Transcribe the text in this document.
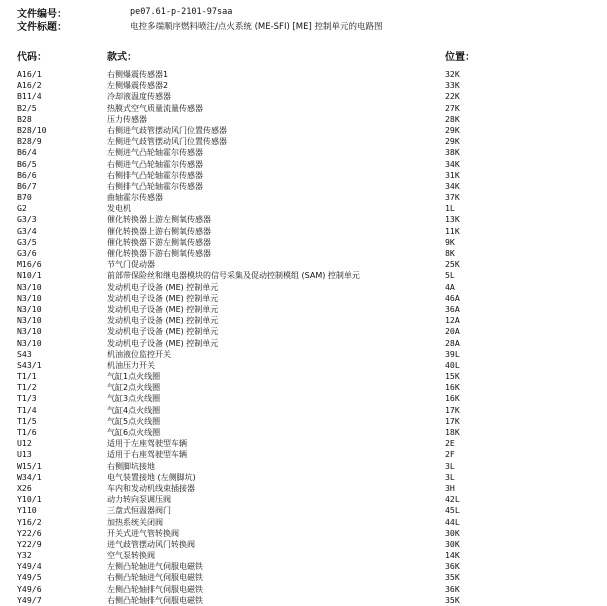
文件编号：	pe07.61-p-2101-97saa
文件标题：	电控多端顺序燃料喷注/点火系统 (ME-SFI) [ME] 控制单元的电路图
代码：	款式：	位置：
A16/1	右侧爆震传感器1	32K
A16/2	左侧爆震传感器2	33K
B11/4	冷却液温度传感器	22K
B2/5	热膜式空气质量流量传感器	27K
B28	压力传感器	28K
B28/10	右侧进气歧管摆动风门位置传感器	29K
B28/9	左侧进气歧管摆动风门位置传感器	29K
B6/4	左侧进气凸轮轴霍尔传感器	38K
B6/5	右侧进气凸轮轴霍尔传感器	34K
B6/6	右侧排气凸轮轴霍尔传感器	31K
B6/7	右侧排气凸轮轴霍尔传感器	34K
B70	曲轴霍尔传感器	37K
G2	发电机	1L
G3/3	催化转换器上游左侧氧传感器	13K
G3/4	催化转换器上游右侧氧传感器	11K
G3/5	催化转换器下游左侧氧传感器	9K
G3/6	催化转换器下游右侧氧传感器	8K
M16/6	节气门促动器	25K
N10/1	前部带保险丝和继电器模块的信号采集及促动控制模组 (SAM) 控制单元	5L
N3/10	发动机电子设备 (ME) 控制单元	4A
N3/10	发动机电子设备 (ME) 控制单元	46A
N3/10	发动机电子设备 (ME) 控制单元	36A
N3/10	发动机电子设备 (ME) 控制单元	12A
N3/10	发动机电子设备 (ME) 控制单元	20A
N3/10	发动机电子设备 (ME) 控制单元	28A
S43	机油液位监控开关	39L
S43/1	机油压力开关	40L
T1/1	气缸1点火线圈	15K
T1/2	气缸2点火线圈	16K
T1/3	气缸3点火线圈	16K
T1/4	气缸4点火线圈	17K
T1/5	气缸5点火线圈	17K
T1/6	气缸6点火线圈	18K
U12	适用于左座驾驶型车辆	2E
U13	适用于右座驾驶型车辆	2F
W15/1	右侧脚坑接地	3L
W34/1	电气装置接地 (左侧脚坑)	3L
X26	车内和发动机线束插接器	3H
Y10/1	动力转向泵调压阀	42L
Y110	三盘式恒温器阀门	45L
Y16/2	加热系统关闭阀	44L
Y22/6	开关式进气管转换阀	30K
Y22/9	进气歧管摆动风门转换阀	30K
Y32	空气泵转换阀	14K
Y49/4	左侧凸轮轴进气伺服电磁铁	36K
Y49/5	右侧凸轮轴进气伺服电磁铁	35K
Y49/6	左侧凸轮轴排气伺服电磁铁	36K
Y49/7	右侧凸轮轴排气伺服电磁铁	35K
